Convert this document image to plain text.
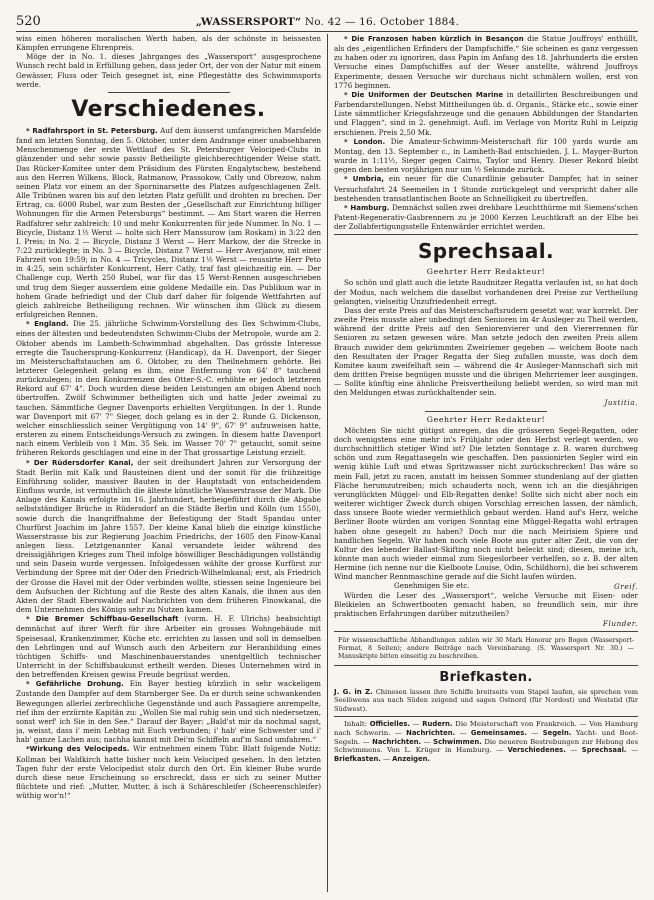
520	„WASSERSPORT“ No. 42 — 16. October 1884.

wiss einen höheren moralischen Werth haben, als der schönste in heissesten Kämpfen errungene Ehrenpreis.

Möge der in No. 1. dieses Jahrganges des „Wassersport“ ausgesprochene Wunsch recht bald in Erfüllung gehen, dass jeder Ort, der von der Natur mit einem Gewässer, Fluss oder Teich gesegnet ist, eine Pflegestätte des Schwimmsports werde.

Verschiedenes.

* Radfahrsport in St. Petersburg. Auf dem äusserst umfangreichen Marsfelde fand am letzten Sonntag, den 5. Oktober, unter dem Andrange einer unabsehbaren Menschenmenge der erste Wettlauf des St. Petersburger Velociped-Clubs in glänzender und sehr sowie passiv Betheiligte gleichberechtigender Weise statt. Das Rücker-Komitee unter dem Präsidium des Fürsten Engalytschew, bestehend aus den Herren Wilkens, Block, Ratmanow, Prassokow, Catly und Obrezow, nahm seinen Platz vor einem an der Sporninarsette des Platzes aufgeschlagenen Zelt. Alle Tribünen waren bis auf den letzten Platz gefüllt und drohten zu brechen. Der Ertrag, ca. 6000 Rubel, war zum Besten der „Gesellschaft zur Einrichtung billiger Wohnungen für die Armen Petersburgs“ bestimmt. — Am Start waren die Herren Radfahrer sehr zahlreich: 10 und mehr Konkurrenten für jede Nummer. In No. 1 — Bicycle, Distanz 1½ Werst — holte sich Herr Manssurow (am Roskam) in 3:22 den I. Preis; in No. 2 — Bicycle, Distanz 3 Werst — Herr Markow, der die Strecke in 7:22 zurücklegte; in No. 3 — Bicycle, Distanz 7 Werst — Herr Averjanow, mit einer Fahrzeit von 19:59; in No. 4 — Tricycles, Distanz 1½ Werst — reussirte Herr Peto in 4:25, sein schärfster Konkurrent, Herr Catly, traf fast gleichzeitig ein. — Der Challenge cup, Werth 250 Rubel, war für das 15 Werst-Rennen ausgeschrieben und trug dem Sieger ausserdem eine goldene Medaille ein. Das Publikum war in hohem Grade befriedigt und der Club darf daher für folgende Wettfahrten auf gleich zahlreiche Betheiligung rechnen. Wir wünschen ihm Glück zu diesem erfolgreichen Rennen.

* England. Die 25. jährliche Schwimm-Vorstellung des Ilex Schwimm-Clubs, eines der ältesten und bedeutendsten Schwimm-Clubs der Metropole, wurde am 2. Oktober abends im Lambeth-Schwimmbad abgehalten. Das grösste Interesse erregte die Tauchersprung-Konkurrenz (Handicap), da H. Davenport, der Sieger im Meisterschaftstauchen am 6. Oktober, zu den Theilnehmern gehörte. Bei letzterer Gelegenheit gelang es ihm, eine Entfernung von 64' 8" tauchend zurückzulegen; in den Konkurrenzen des Otter-S.-C. erhöhte er jedoch letzteren Rekord auf 67' 4". Doch wurden diese beiden Leistungen am obigen Abend noch übertroffen. Zwölf Schwimmer betheiligten sich und hatte Jeder zweimal zu tauchen. Sämmtliche Gegner Davenports erhielten Vergütungen. In der 1. Runde war Davenport mit 67' 7" Sieger, doch gelang es in der 2. Runde G. Dickenson, welcher einschliesslich seiner Vergütigung von 14' 9", 67' 9" aufzuweisen hatte, ersteren zu einem Entscheidungs-Versuch zu zwingen. In diesem hatte Davenport nach einem Verbleib von 1 Min. 35 Sek. im Wasser 70' 7" getaucht, somit seine früheren Rekords geschlagen und eine in der That grossartige Leistung erzielt.

* Der Rüdersdorfer Kanal, der seit dreihundert Jahren zur Versorgung der Stadt Berlin mit Kalk und Bausteinen dient und der somit für die frühzeitige Einführung solider, massiver Bauten in der Hauptstadt von entscheidendem Einfluss wurde, ist vermuthlich die älteste künstliche Wasserstrasse der Mark. Die Anlage des Kanals erfolgte im 16. Jahrhundert, herbeigeführt durch die Abgabe selbstständiger Brüche in Rüdersdorf an die Städte Berlin und Kölln (um 1550), sowie durch die Inangriffnahme der Befestigung der Stadt Spandau unter Churfürst Joachim im Jahre 1557. Der kleine Kanal blieb die einzige künstliche Wasserstrasse bis zur Regierung Joachim Friedrichs, der 1605 den Finow-Kanal anlegen liess. Letztgenannter Kanal versandete leider während des dreissigjährigen Krieges zum Theil infolge böswilliger Beschädigungen vollständig und sein Dasein wurde vergessen. Infolgedessen wählte der grosse Kurfürst zur Verbindung der Spree mit der Oder den Friedrich-Wilhelmkanal; erst, als Friedrich der Grosse die Havel mit der Oder verbinden wollte, stiessen seine Ingenieure bei dem Aufsuchen der Richtung auf die Reste des alten Kanals, die ihnen aus den Akten der Stadt Eberswalde auf Nachrichten von dem früheren Finowkanal, die dem Unternehmen des Königs sehr zu Nutzen kamen.

* Die Bremer Schiffbau-Gesellschaft (vorm. H. F. Ulrichs) beabsichtigt demnächst auf ihrer Werft für ihre Arbeiter ein grosses Wohngebäude mit Speisesaal, Krankenzimmer, Küche etc. errichten zu lassen und soll in demselben den Lehrlingen und auf Wunsch auch den Arbeitern zur Heranbildung eines tüchtigen Schiffs- und Maschinenbauerstandes unentgeltlich technischer Unterricht in der Schiffsbaukunst ertheilt werden. Dieses Unternehmen wird in den betreffenden Kreisen gewiss Freude begrüsst werden.

* Gefährliche Drohung. Ein Bayer bestieg kürzlich in sehr wackeligem Zustande den Dampfer auf dem Starnberger See. Da er durch seine schwankenden Bewegungen allerlei zerbrechliche Gegenstände und auch Passagiere anrempelte, rief ihm der erzürnte Kapitän zu: „Wollen Sie mal ruhig sein und sich niedersetzen, sonst werf' ich Sie in den See.“ Darauf der Bayer: „Bald'st mir da nochmal sagst, ja, weisst, dass i' mein Lebtag mit Euch verbunden; i' hab' eine Schwester und i' hab' ganze Lachen aus; nachha kannst mit Dei'm Schiffeln auf'm Sand umfahren.“

*Wirkung des Velocipeds. Wir entnehmen einem Tübr. Blatt folgende Notiz: Kollman bei Waldkirch hatte bisher noch kein Velociped gesehen. In den letzten Tagen fuhr der erste Velocipedist stolz durch den Ort. Ein kleiner Bube wurde durch diese neue Erscheinung so erschreckt, dass er sich zu seiner Mutter flüchtete und rief: „Mutter, Mutter, ä isch ä Schäreschleifer (Scheerenschleifer) wüthig wor'n!“

* Die Franzosen haben kürzlich in Besançon die Statue Jouffroys' enthüllt, als des „eigentlichen Erfinders der Dampfschiffe.“ Sie scheinen es ganz vergessen zu haben oder zu ignoriren, dass Papin im Anfang des 18. Jahrhunderts die ersten Versuche eines Dampfschiffes auf der Weser anstellte, während Jouffroys Experimente, dessen Versuche wir durchaus nicht schmälern wollen, erst von 1776 beginnen.

* Die Uniformen der Deutschen Marine in detaillirten Beschreibungen und Farbendarstellungen. Nebst Mittheilungen üb. d. Organis., Stärke etc., sowie einer Liste sämmtlicher Kriegsfahrzeuge und die genauen Abbildungen der Standarten und Flaggen“, sind in 2. genehmigt. Aufl. im Verlage von Moritz Ruhl in Leipzig erschienen. Preis 2,50 Mk.

* London. Die Amateur-Schwimm-Meisterschaft für 100 yards wurde am Montag, den 13. September c., in Lambeth-Bad entschieden. J. L. Mayger-Burton wurde in 1:11½, Sieger gegen Cairns, Taylor und Henry. Dieser Rekord bleibt gegen den besten vorjährigen nur um ½ Sekunde zurück.

* Umbria, ein neuer für die Cunardlinie gebauter Dampfer, hat in seiner Versuchsfahrt 24 Seemeilen in 1 Stunde zurückgelegt und verspricht daher alle bestehenden transatlantischen Boote an Schnelligkeit zu übertreffen.

* Hamburg. Demnächst sollen zwei drehbare Leuchtthürme mit Siemens'schen Patent-Regenerativ-Gasbrennern zu je 2000 Kerzen Leuchtkraft an der Elbe bei der Zollabfertigungsstelle Entenwärder errichtet werden.

Sprechsaal.
Geehrter Herr Redakteur!

So schön und glatt auch die letzte Raudnitzer Regatta verlaufen ist, so hat doch der Modus, nach welchem die daselbst vorhandenen drei Preise zur Vertheilung gelangten, vielseitig Unzufriedenheit erregt.

Dass der erste Preis auf das Meisterschaftsrudern gesetzt war, war korrekt. Der zweite Preis musste aber unbedingt den Senioren im 4r Ausleger zu Theil werden, während der dritte Preis auf den Seniorenvierer und den Viererrennen für Senioren zu setzen gewesen wäre. Man setzte jedoch den zweiten Preis allem Brauch zuwider dem gekrümmten Zweiriemer gegeben — welchem Boote nach den Resultaten der Prager Regatta der Sieg zufallen musste, was doch dem Komitee kaum zweifelhaft sein — während die 4r Ausleger-Mannschaft sich mit dem dritten Preise begnügen musste und die übrigen Mehrriemer leer ausgingen. — Sollte künftig eine ähnliche Preisvertheilung beliebt werden, so wird man mit den Meldungen etwas zurückhaltender sein.

Justitia.
Geehrter Herr Redakteur!

Möchten Sie nicht gütigst anregen, das die grösseren Segel-Regatten, oder doch wenigstens eine mehr in's Frühjahr oder den Herbst verlegt werden, wo durchschnittlich stetiger Wind ist? Die letzten Sonntage z. B. waren durchweg schön und zum Regattasegeln wie geschaffen. Den passionirten Segler wird ein wenig kühle Luft und etwas Spritzwasser nicht zurückschrecken! Das wäre so mein Fall, jetzt zu racen, anstatt im heissen Sommer stundenlang auf der glatten Fläche herumzutreiben; mich schauderts noch, wenn ich an die diesjährigen verunglückten Müggel- und Elb-Regatten denke! Sollte sich nicht aber noch ein weiterer wichtiger Zweck durch obigen Vorschlag erreichen lassen, der nämlich, dass unsere Boote wieder vermiethlich gebaut werden. Hand auf's Herz, welche Berliner Boote würden am vorigen Sonntag eine Müggel-Regatta wohl ertragen haben ohne gesegelt zu haben? Doch nur die nach Meirisiem Spiere und handlichen Segeln. Wir haben noch viele Boote aus guter alter Zeit, die von der Kultur des lebender Ballast-Skifting noch nicht beleckt sind; diesen, meine ich, könnte man auch wieder einmal zum Siegeslorbeer verhelfen, so z. B. der alten Hermine (ich nenne nur die Kielboote Louise, Odin, Schildhorn), die bei schwerem Wind mancher Rennmaschine gerade auf die Sicht laufen würden.

Genehmigen Sie etc.	Greif.

Würden die Leser des „Wassersport“, welche Versuche mit Eisen- oder Bleikielen an Schwertbooten gemacht haben, so freundlich sein, mir ihre praktischen Erfahrungen darüber mitzutheilen?

Flunder.
Für wissenschaftliche Abhandlungen zahlen wir 30 Mark Honorar pro Bogen (Wassersport-Format, 8 Seiten); andere Beiträge nach Vereinbarung. (S. Wassersport Nr. 30.) — Manuskripte bitten einseitig zu beschreiben.
Briefkasten.
J. G. in Z. Chinesen lassen ihre Schiffe breitseits vom Stapel laufen, sie sprechen vom Seelöwens aus nach Süden zeigend und sagen Ostnord (für Nordost) und Weststid (für Südwest).
Inhalt: Officielles. — Rudern. Die Meisterschaft von Frankreich. — Von Hamburg nach Schwerin. — Nachrichten. — Gemeinsames. — Segeln. Yacht- und Boot-Segeln. — Nachrichten. — Schwimmen. Die neueren Bestrebungen zur Hebung des Schwimmens. Von L. Krüger in Hamburg. — Verschiedenes. — Sprechsaal. — Briefkasten. — Anzeigen.
